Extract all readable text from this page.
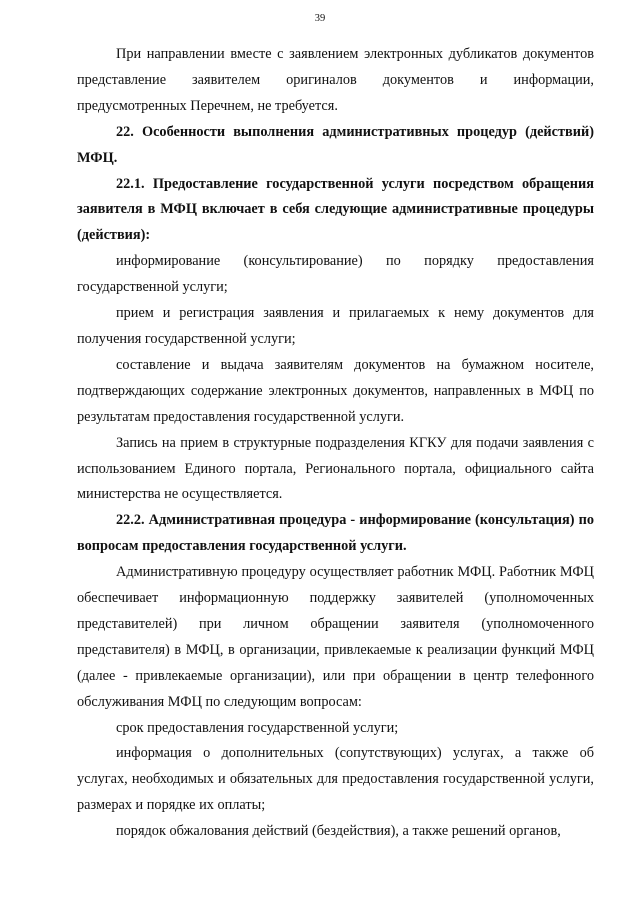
39

При направлении вместе с заявлением электронных дубликатов документов представление заявителем оригиналов документов и информации, предусмотренных Перечнем, не требуется.

22. Особенности выполнения административных процедур (действий) МФЦ.

22.1. Предоставление государственной услуги посредством обращения заявителя в МФЦ включает в себя следующие административные процедуры (действия):

информирование (консультирование) по порядку предоставления государственной услуги;

прием и регистрация заявления и прилагаемых к нему документов для получения государственной услуги;

составление и выдача заявителям документов на бумажном носителе, подтверждающих содержание электронных документов, направленных в МФЦ по результатам предоставления государственной услуги.

Запись на прием в структурные подразделения КГКУ для подачи заявления с использованием Единого портала, Регионального портала, официального сайта министерства не осуществляется.

22.2. Административная процедура - информирование (консультация) по вопросам предоставления государственной услуги.

Административную процедуру осуществляет работник МФЦ. Работник МФЦ обеспечивает информационную поддержку заявителей (уполномоченных представителей) при личном обращении заявителя (уполномоченного представителя) в МФЦ, в организации, привлекаемые к реализации функций МФЦ (далее - привлекаемые организации), или при обращении в центр телефонного обслуживания МФЦ по следующим вопросам:

срок предоставления государственной услуги;

информация о дополнительных (сопутствующих) услугах, а также об услугах, необходимых и обязательных для предоставления государственной услуги, размерах и порядке их оплаты;

порядок обжалования действий (бездействия), а также решений органов,
